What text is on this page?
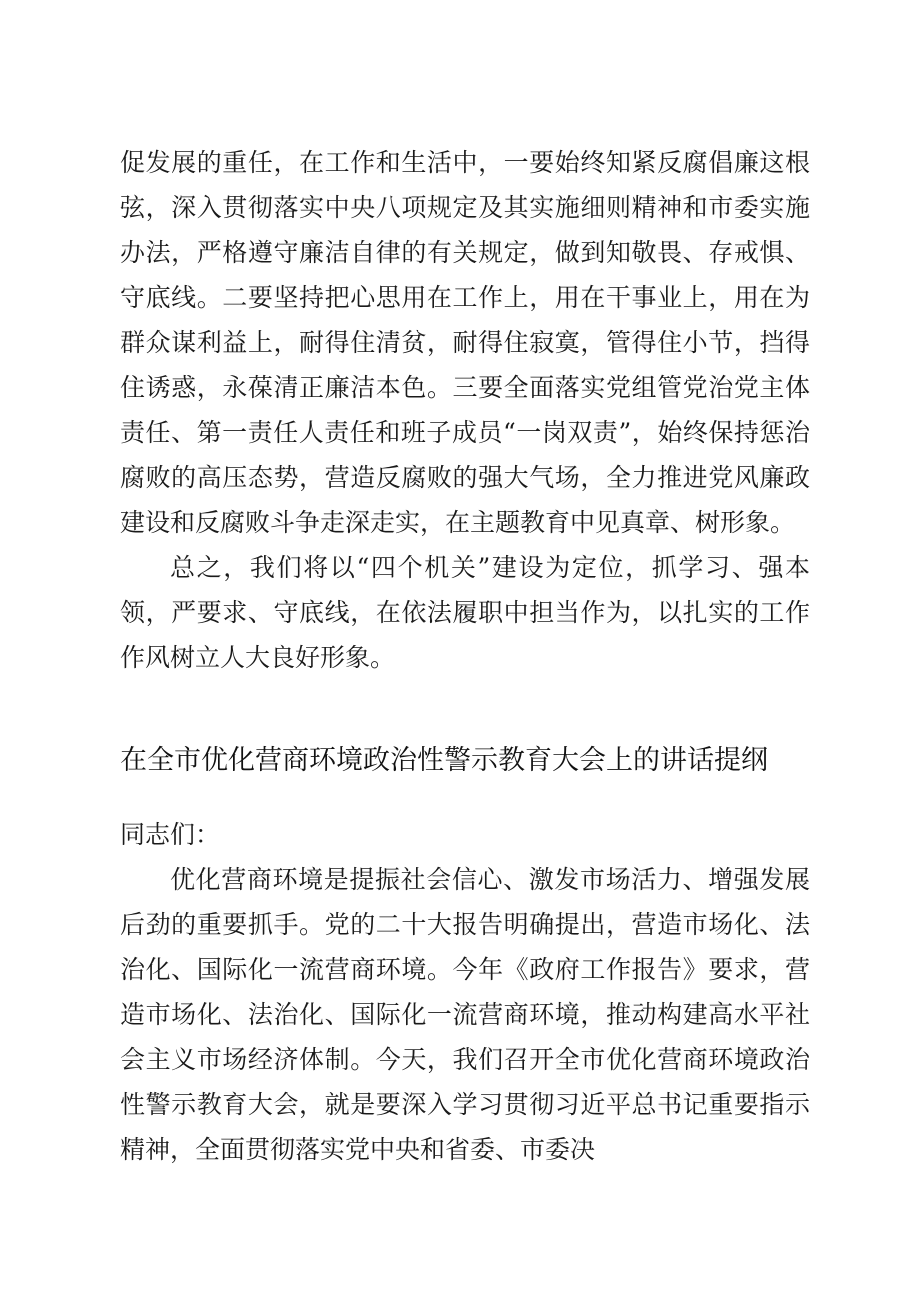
促发展的重任，在工作和生活中，一要始终知紧反腐倡廉这根弦，深入贯彻落实中央八项规定及其实施细则精神和市委实施办法，严格遵守廉洁自律的有关规定，做到知敬畏、存戒惧、守底线。二要坚持把心思用在工作上，用在干事业上，用在为群众谋利益上，耐得住清贫，耐得住寂寞，管得住小节，挡得住诱惑，永葆清正廉洁本色。三要全面落实党组管党治党主体责任、第一责任人责任和班子成员“一岗双责”，始终保持惩治腐败的高压态势，营造反腐败的强大气场，全力推进党风廉政建设和反腐败斗争走深走实，在主题教育中见真章、树形象。

总之，我们将以“四个机关”建设为定位，抓学习、强本领，严要求、守底线，在依法履职中担当作为，以扎实的工作作风树立人大良好形象。

在全市优化营商环境政治性警示教育大会上的讲话提纲

同志们：

优化营商环境是提振社会信心、激发市场活力、增强发展后劲的重要抓手。党的二十大报告明确提出，营造市场化、法治化、国际化一流营商环境。今年《政府工作报告》要求，营造市场化、法治化、国际化一流营商环境，推动构建高水平社会主义市场经济体制。今天，我们召开全市优化营商环境政治性警示教育大会，就是要深入学习贯彻习近平总书记重要指示精神，全面贯彻落实党中央和省委、市委决
